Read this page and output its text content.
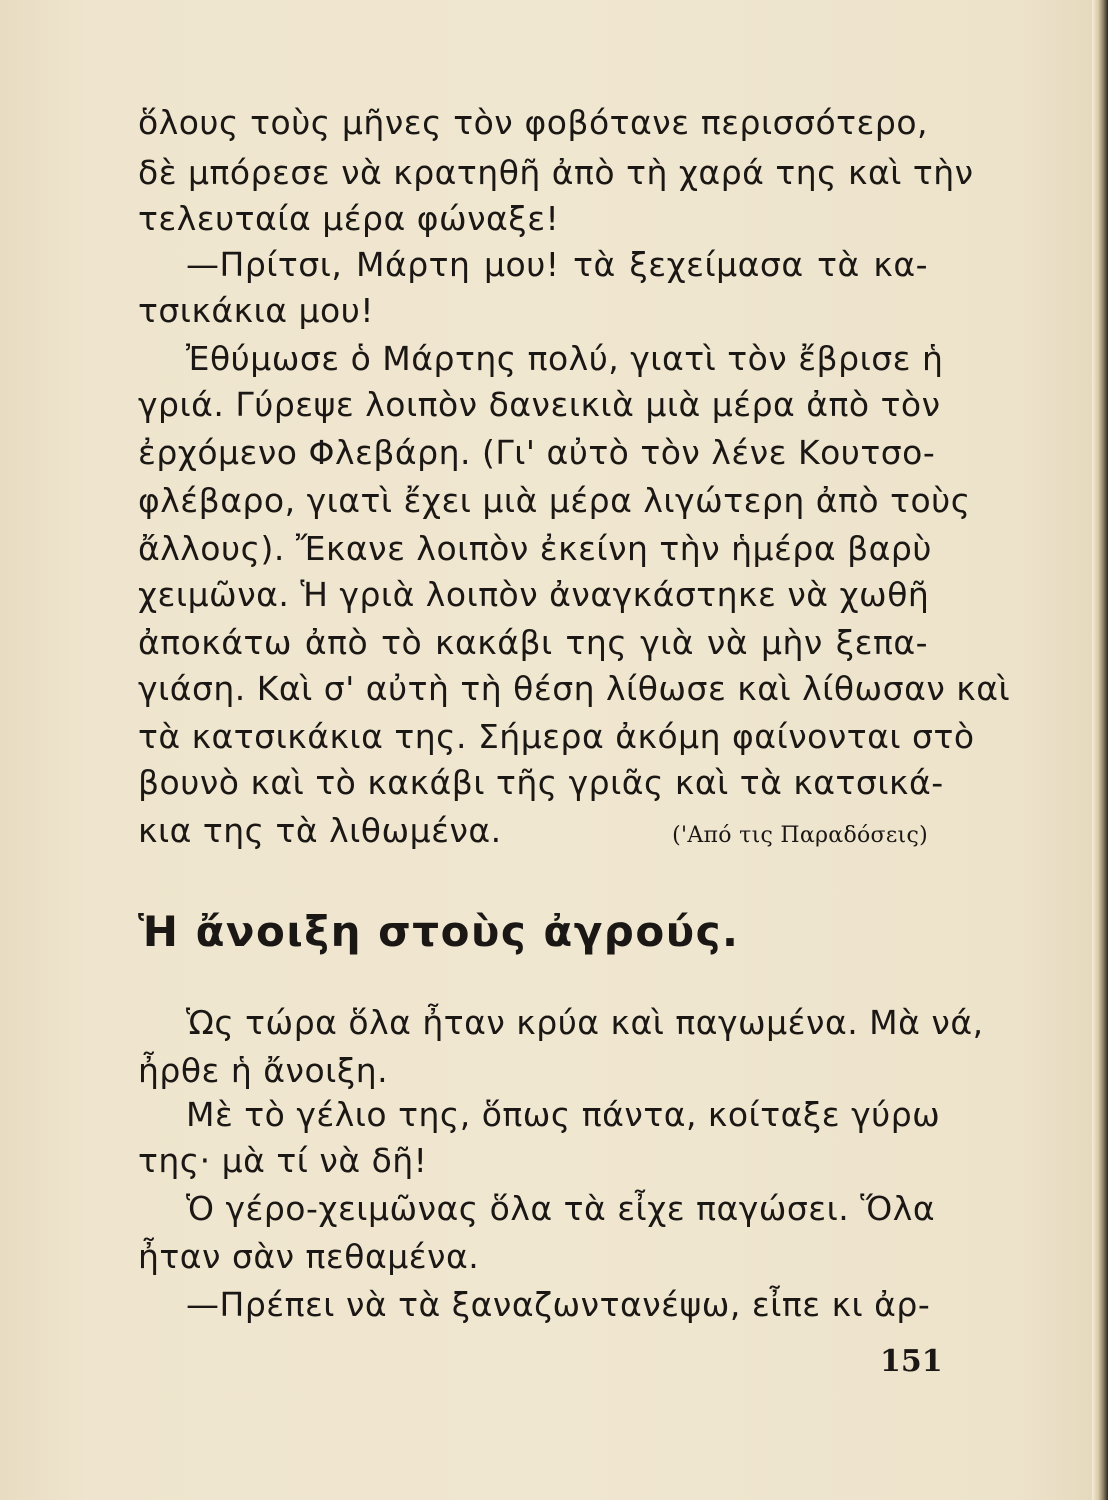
ὅλους τοὺς μῆνες τὸν φοβότανε περισσότερο,
δὲ μπόρεσε νὰ κρατηθῆ ἀπὸ τὴ χαρά της καὶ τὴν
τελευταία μέρα φώναξε!
—Πρίτσι, Μάρτη μου! τὰ ξεχείμασα τὰ κα-
τσικάκια μου!
Ἐθύμωσε ὁ Μάρτης πολύ, γιατὶ τὸν ἔβρισε ἡ
γριά. Γύρεψε λοιπὸν δανεικιὰ μιὰ μέρα ἀπὸ τὸν
ἐρχόμενο Φλεβάρη. (Γι' αὐτὸ τὸν λένε Κουτσο-
φλέβαρο, γιατὶ ἔχει μιὰ μέρα λιγώτερη ἀπὸ τοὺς
ἄλλους). Ἔκανε λοιπὸν ἐκείνη τὴν ἡμέρα βαρὺ
χειμῶνα. Ἡ γριὰ λοιπὸν ἀναγκάστηκε νὰ χωθῆ
ἀποκάτω ἀπὸ τὸ κακάβι της γιὰ νὰ μὴν ξεπα-
γιάση. Καὶ σ' αὐτὴ τὴ θέση λίθωσε καὶ λίθωσαν καὶ
τὰ κατσικάκια της. Σήμερα ἀκόμη φαίνονται στὸ
βουνὸ καὶ τὸ κακάβι τῆς γριᾶς καὶ τὰ κατσικά-
κια της τὰ λιθωμένα.	('Από τις Παραδόσεις)
Ἡ ἄνοιξη στοὺς ἀγρούς.
Ὡς τώρα ὅλα ἦταν κρύα καὶ παγωμένα. Μὰ νά,
ἦρθε ἡ ἄνοιξη.
Μὲ τὸ γέλιο της, ὅπως πάντα, κοίταξε γύρω
της· μὰ τί νὰ δῆ!
Ὁ γέρο-χειμῶνας ὅλα τὰ εἶχε παγώσει. Ὅλα
ἦταν σὰν πεθαμένα.
—Πρέπει νὰ τὰ ξαναζωντανέψω, εἶπε κι ἀρ-
151
